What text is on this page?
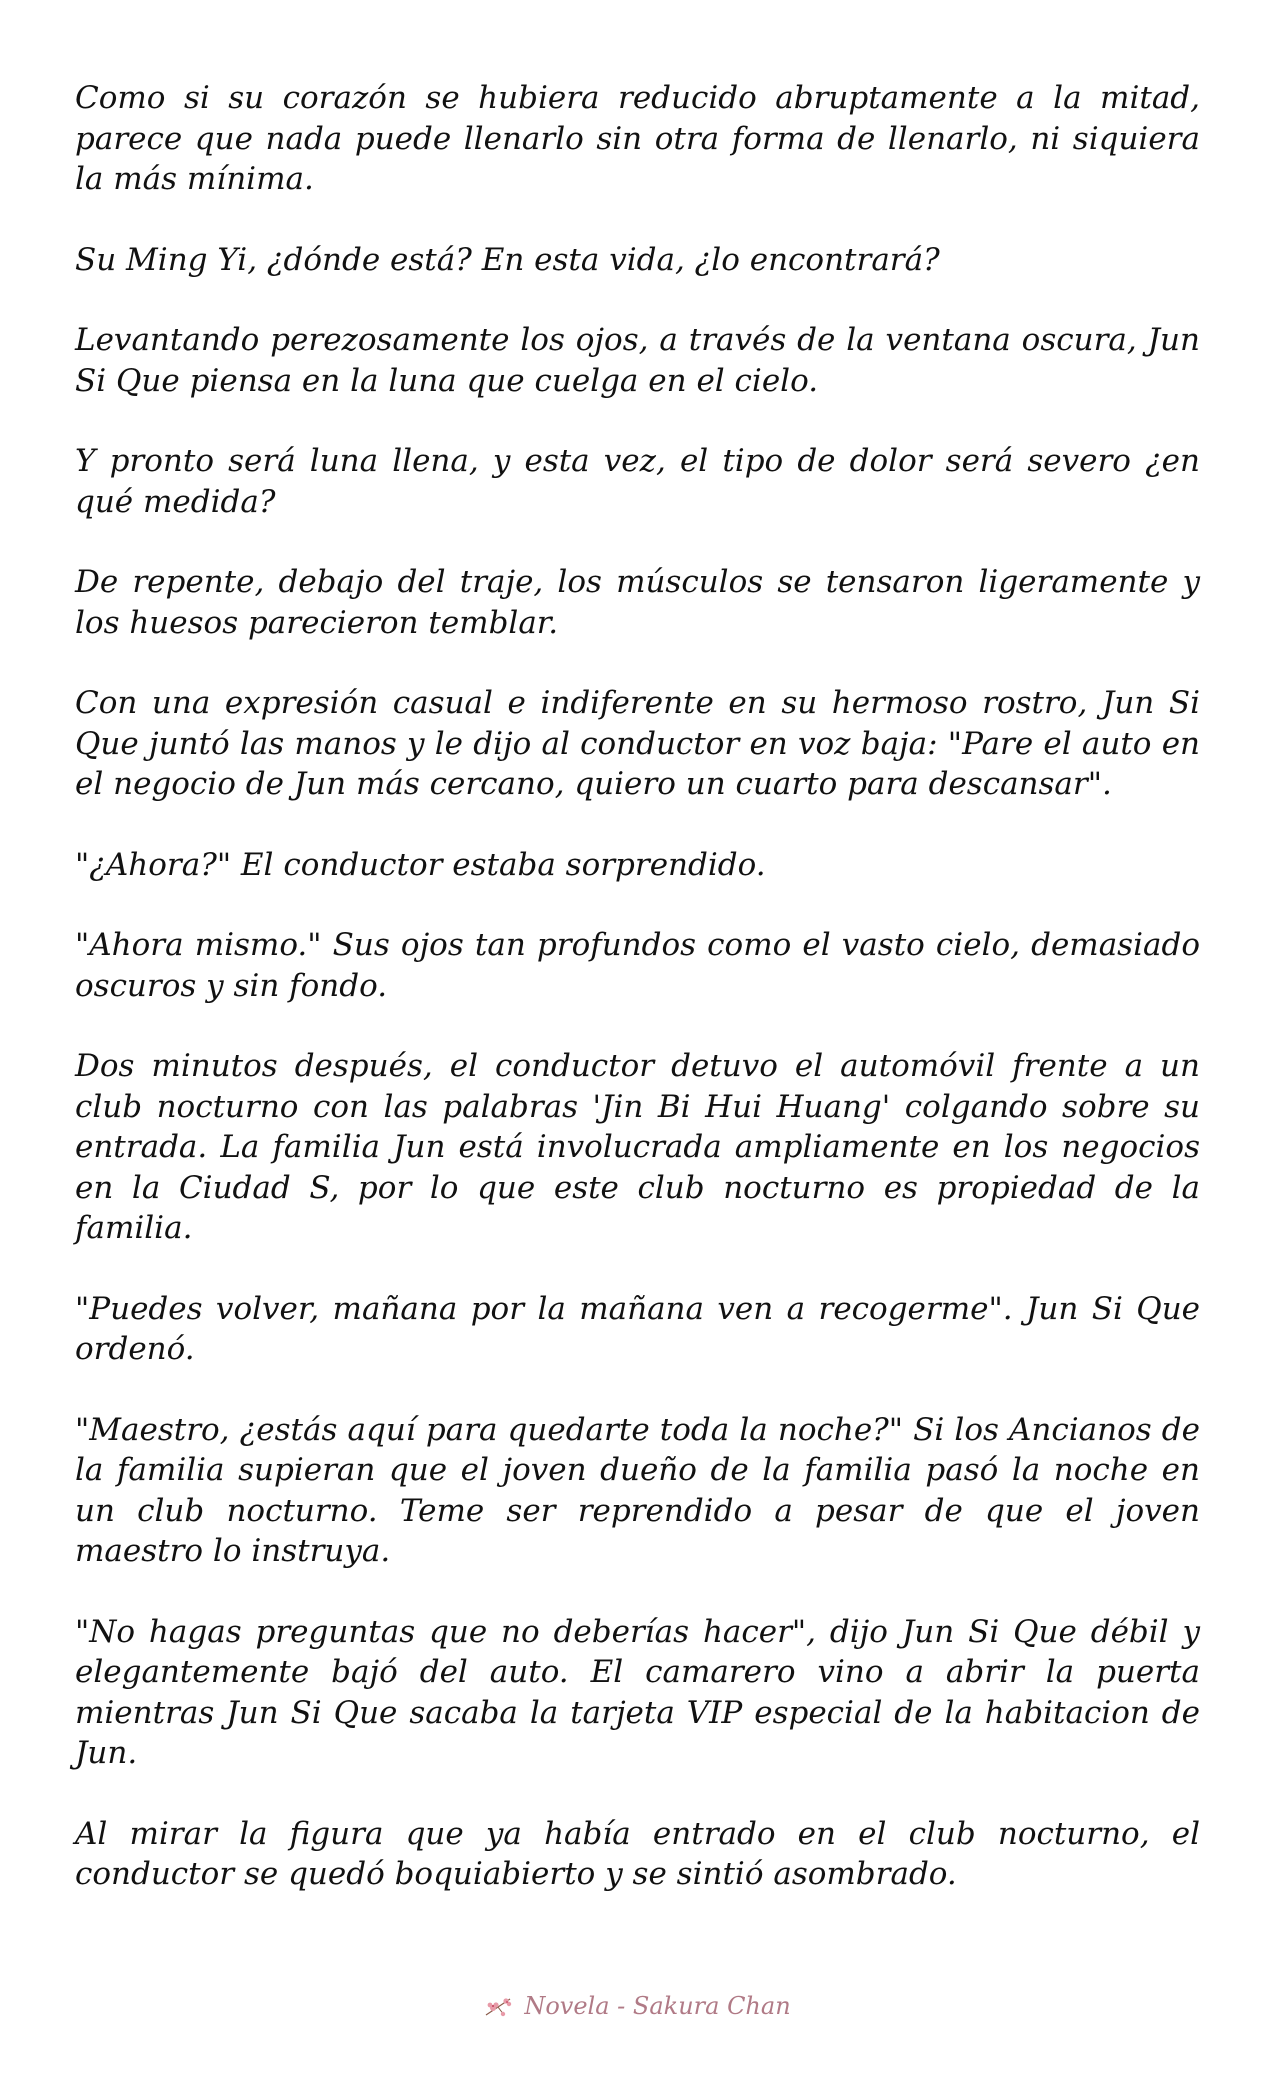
Como si su corazón se hubiera reducido abruptamente a la mitad, parece que nada puede llenarlo sin otra forma de llenarlo, ni siquiera la más mínima.

Su Ming Yi, ¿dónde está? En esta vida, ¿lo encontrará?

Levantando perezosamente los ojos, a través de la ventana oscura, Jun Si Que piensa en la luna que cuelga en el cielo.

Y pronto será luna llena, y esta vez, el tipo de dolor será severo ¿en qué medida?

De repente, debajo del traje, los músculos se tensaron ligeramente y los huesos parecieron temblar.

Con una expresión casual e indiferente en su hermoso rostro, Jun Si Que juntó las manos y le dijo al conductor en voz baja: "Pare el auto en el negocio de Jun más cercano, quiero un cuarto para descansar".

"¿Ahora?" El conductor estaba sorprendido.

"Ahora mismo." Sus ojos tan profundos como el vasto cielo, demasiado oscuros y sin fondo.

Dos minutos después, el conductor detuvo el automóvil frente a un club nocturno con las palabras 'Jin Bi Hui Huang' colgando sobre su entrada. La familia Jun está involucrada ampliamente en los negocios en la Ciudad S, por lo que este club nocturno es propiedad de la familia.

"Puedes volver, mañana por la mañana ven a recogerme". Jun Si Que ordenó.

"Maestro, ¿estás aquí para quedarte toda la noche?" Si los Ancianos de la familia supieran que el joven dueño de la familia pasó la noche en un club nocturno. Teme ser reprendido a pesar de que el joven maestro lo instruya.

"No hagas preguntas que no deberías hacer", dijo Jun Si Que débil y elegantemente bajó del auto. El camarero vino a abrir la puerta mientras Jun Si Que sacaba la tarjeta VIP especial de la habitacion de Jun.

Al mirar la figura que ya había entrado en el club nocturno, el conductor se quedó boquiabierto y se sintió asombrado.

Novela - Sakura Chan
